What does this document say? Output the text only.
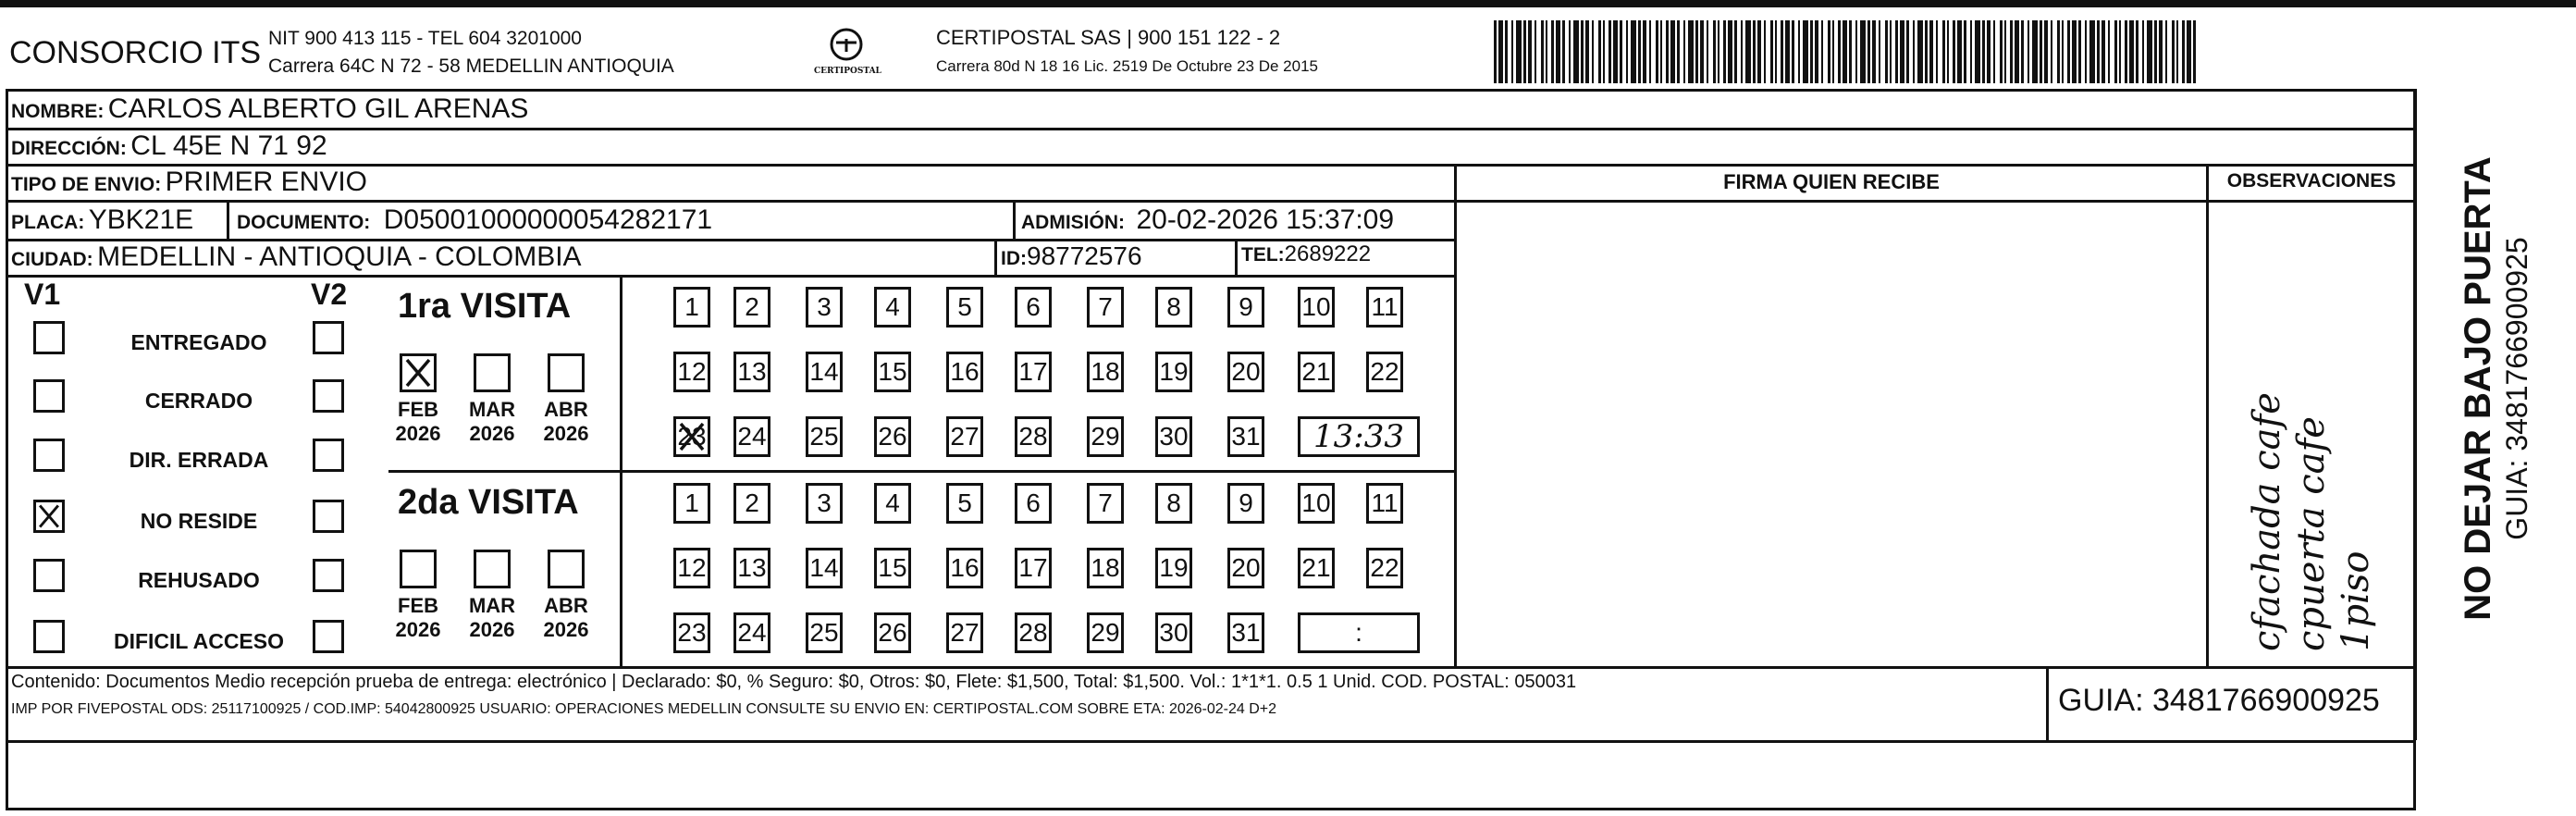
CONSORCIO ITS NIT 900 413 115 - TEL 604 3201000
Carrera 64C N 72 - 58 MEDELLIN ANTIOQUIA	CERTIPOSTAL
CERTIPOSTAL SAS | 900 151 122 - 2
Carrera 80d N 18 16 Lic. 2519 De Octubre 23 De 2015
NOMBRE: CARLOS ALBERTO GIL ARENAS
DIRECCIÓN: CL 45E N 71 92
TIPO DE ENVIO: PRIMER ENVIO
PLACA: YBK21E DOCUMENTO: D05001000000054282171	ADMISIÓN: 20-02-2026 15:37:09
CIUDAD: MEDELLIN - ANTIOQUIA - COLOMBIA	ID:98772576	TEL:2689222
FIRMA QUIEN RECIBE	OBSERVACIONES
cfachada cafe cpuerta cafe 1piso NO DEJAR BAJO PUERTA GUIA: 3481766900925
V1	V2
ENTREGADO
CERRADO
DIR. ERRADA
NO RESIDE
REHUSADO
DIFICIL ACCESO
1ra VISITA
FEB
2026
MAR
2026
ABR
2026
1	2	3	4	5	6	7	8	9	10 11
12 13 14 15 16 17 18 19 20 21 22
23 24 25 26 27 28 29 30 31	13:33
2da VISITA
FEB
2026
MAR
2026
ABR
2026
1	2	3	4	5	6	7	8	9	10 11
12 13 14 15 16 17 18 19 20 21 22
23 24 25 26 27 28 29 30 31	:
Contenido: Documentos Medio recepción prueba de entrega: electrónico | Declarado: $0, % Seguro: $0, Otros: $0, Flete: $1,500, Total: $1,500. Vol.: 1*1*1. 0.5 1 Unid. COD. POSTAL: 050031
IMP POR FIVEPOSTAL ODS: 25117100925 / COD.IMP: 54042800925 USUARIO: OPERACIONES MEDELLIN CONSULTE SU ENVIO EN: CERTIPOSTAL.COM SOBRE ETA: 2026-02-24 D+2	GUIA: 3481766900925
